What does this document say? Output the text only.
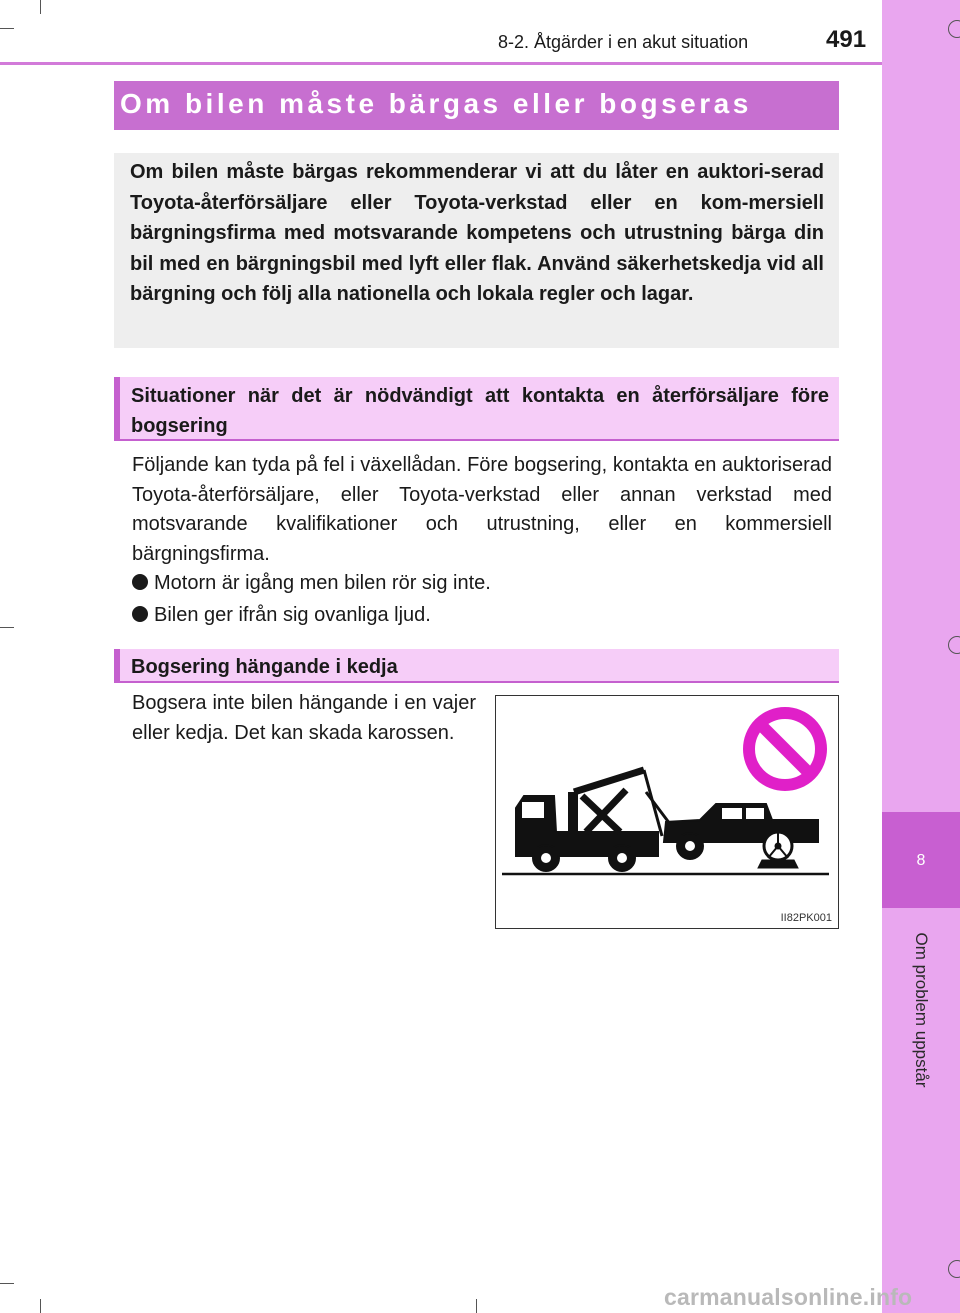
8
Om problem uppstår
8-2. Åtgärder i en akut situation	491
Om bilen måste bärgas eller bogseras

Om bilen måste bärgas rekommenderar vi att du låter en auktori-serad Toyota-återförsäljare eller Toyota-verkstad eller en kom-mersiell bärgningsfirma med motsvarande kompetens och utrustning bärga din bil med en bärgningsbil med lyft eller flak. Använd säkerhetskedja vid all bärgning och följ alla nationella och lokala regler och lagar.

Situationer när det är nödvändigt att kontakta en återförsäljare före bogsering

Följande kan tyda på fel i växellådan. Före bogsering, kontakta en auktoriserad Toyota-återförsäljare, eller Toyota-verkstad eller annan verkstad med motsvarande kvalifikationer och utrustning, eller en kommersiell bärgningsfirma.

Motorn är igång men bilen rör sig inte.
Bilen ger ifrån sig ovanliga ljud.
Bogsering hängande i kedja

Bogsera inte bilen hängande i en vajer eller kedja. Det kan skada karossen.

II82PK001
carmanualsonline.info
